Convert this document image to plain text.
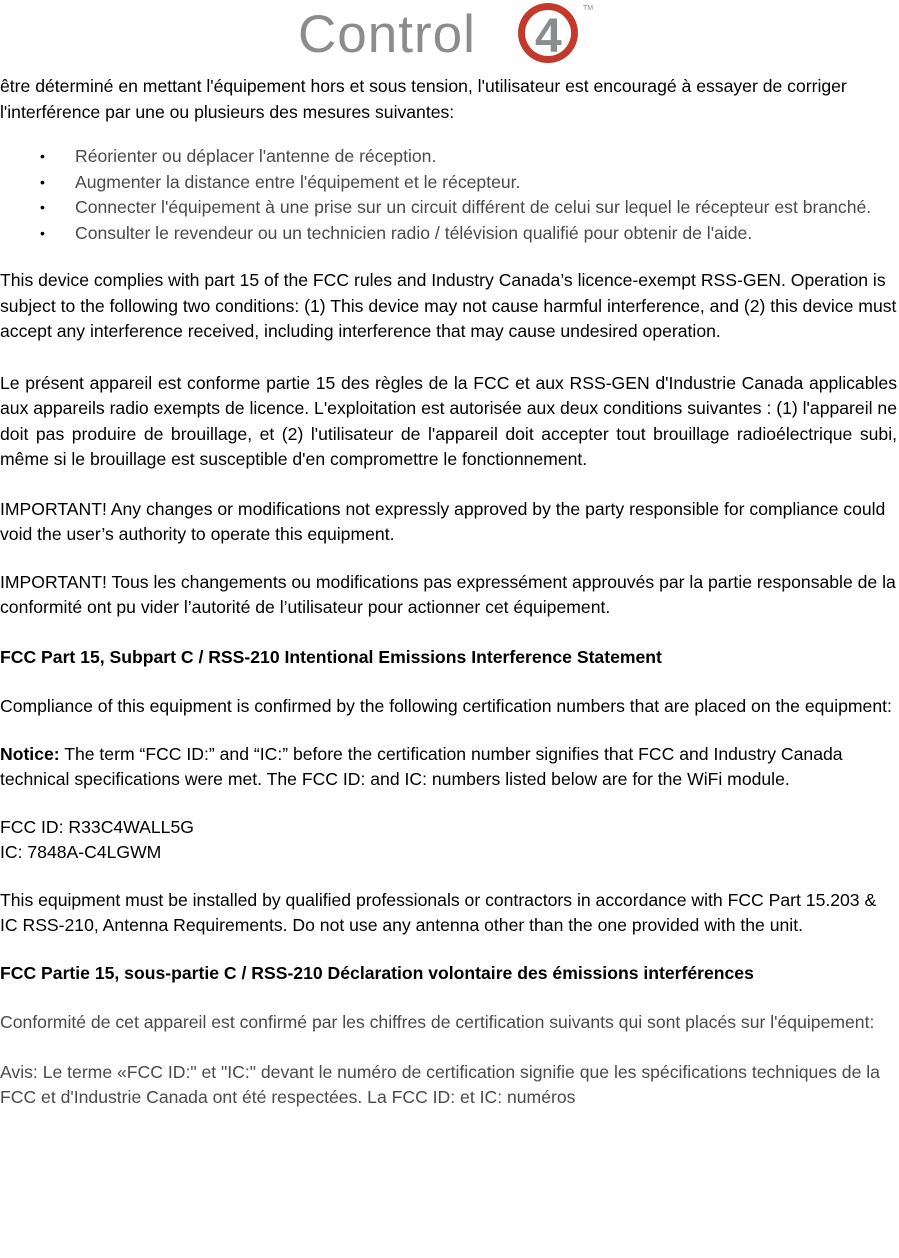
Control 4
TM

être déterminé en mettant l'équipement hors et sous tension, l'utilisateur est encouragé à essayer de corriger l'interférence par une ou plusieurs des mesures suivantes:

• Réorienter ou déplacer l'antenne de réception.
• Augmenter la distance entre l'équipement et le récepteur.
• Connecter l'équipement à une prise sur un circuit différent de celui sur lequel le récepteur est branché.
• Consulter le revendeur ou un technicien radio / télévision qualifié pour obtenir de l'aide.

This device complies with part 15 of the FCC rules and Industry Canada’s licence-exempt RSS-GEN. Operation is subject to the following two conditions: (1) This device may not cause harmful interference, and (2) this device must accept any interference received, including interference that may cause undesired operation.

Le présent appareil est conforme partie 15 des règles de la FCC et aux RSS-GEN d'Industrie Canada applicables aux appareils radio exempts de licence. L'exploitation est autorisée aux deux conditions suivantes : (1) l'appareil ne doit pas produire de brouillage, et (2) l'utilisateur de l'appareil doit accepter tout brouillage radioélectrique subi, même si le brouillage est susceptible d'en compromettre le fonctionnement.

IMPORTANT! Any changes or modifications not expressly approved by the party responsible for compliance could void the user’s authority to operate this equipment.

IMPORTANT! Tous les changements ou modifications pas expressément approuvés par la partie responsable de la conformité ont pu vider l’autorité de l’utilisateur pour actionner cet équipement.

FCC Part 15, Subpart C / RSS-210 Intentional Emissions Interference Statement

Compliance of this equipment is confirmed by the following certification numbers that are placed on the equipment:

Notice: The term “FCC ID:” and “IC:” before the certification number signifies that FCC and Industry Canada technical specifications were met. The FCC ID: and IC: numbers listed below are for the WiFi module.

FCC ID: R33C4WALL5G

IC: 7848A-C4LGWM

This equipment must be installed by qualified professionals or contractors in accordance with FCC Part 15.203 & IC RSS-210, Antenna Requirements. Do not use any antenna other than the one provided with the unit.

FCC Partie 15, sous-partie C / RSS-210 Déclaration volontaire des émissions interférences

Conformité de cet appareil est confirmé par les chiffres de certification suivants qui sont placés sur l'équipement:

Avis: Le terme «FCC ID:" et "IC:" devant le numéro de certification signifie que les spécifications techniques de la FCC et d'Industrie Canada ont été respectées. La FCC ID: et IC: numéros
